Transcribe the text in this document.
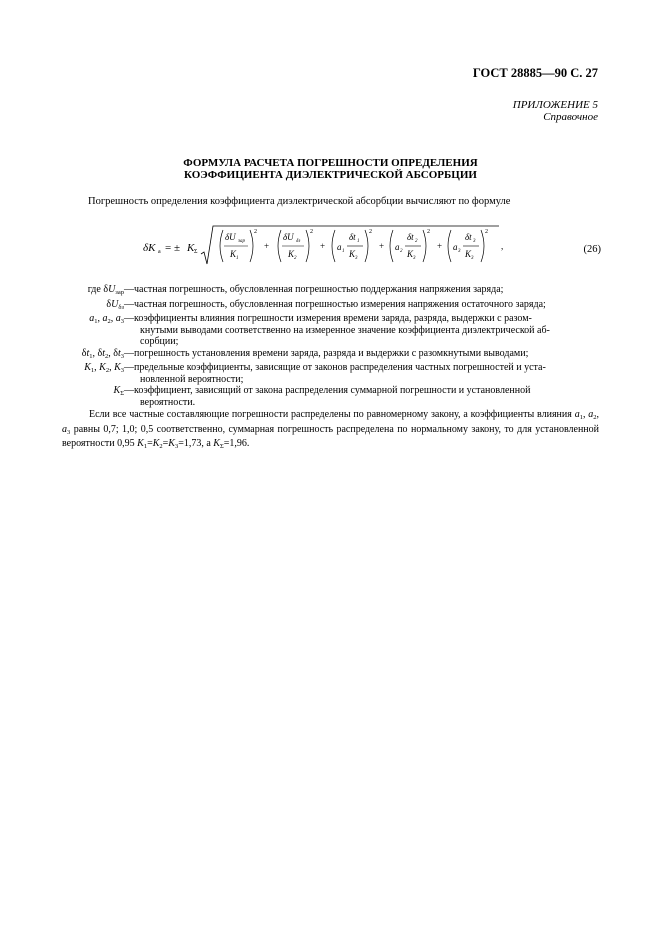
ГОСТ 28885—90 С. 27
ПРИЛОЖЕНИЕ 5
Справочное
ФОРМУЛА РАСЧЕТА ПОГРЕШНОСТИ ОПРЕДЕЛЕНИЯ
КОЭФФИЦИЕНТА ДИЭЛЕКТРИЧЕСКОЙ АБСОРБЦИИ
Погрешность определения коэффициента диэлектрической абсорбции вычисляют по формуле
δK a = ± K Σ
δU зар
K 1
2
+
δU δз
K 2
2
+ a 1
δt 1
K 3
2
+ a 2
δt 2
K 3
2
+ a 3
δt 3
K 3
2
,	(26)
где $\delta U_{зар}$ — частная погрешность, обусловленная погрешностью поддержания напряжения заряда;
$\delta U_{\delta з}$ — частная погрешность, обусловленная погрешностью измерения напряжения остаточного заряда;
$a_1$, $a_2$, $a_3$ — коэффициенты влияния погрешности измерения времени заряда, разряда, выдержки с разом-
кнутыми выводами соответственно на измеренное значение коэффициента диэлектрической аб-
сорбции;
$\delta t_1$, $\delta t_2$, $\delta t_3$ — погрешность установления времени заряда, разряда и выдержки с разомкнутыми выводами;
$K_1$, $K_2$, $K_3$ — предельные коэффициенты, зависящие от законов распределения частных погрешностей и уста-
новленной вероятности;
$K_\Sigma$ — коэффициент, зависящий от закона распределения суммарной погрешности и установленной
вероятности.
Если все частные составляющие погрешности распределены по равномерному закону, а коэффициенты влияния $a_1$, $a_2$, $a_3$ равны 0,7; 1,0; 0,5 соответственно, суммарная погрешность распределена по нормальному закону, то для установленной вероятности 0,95 $K_1=K_2=K_3=1,73$, а $K_\Sigma=1,96$.
